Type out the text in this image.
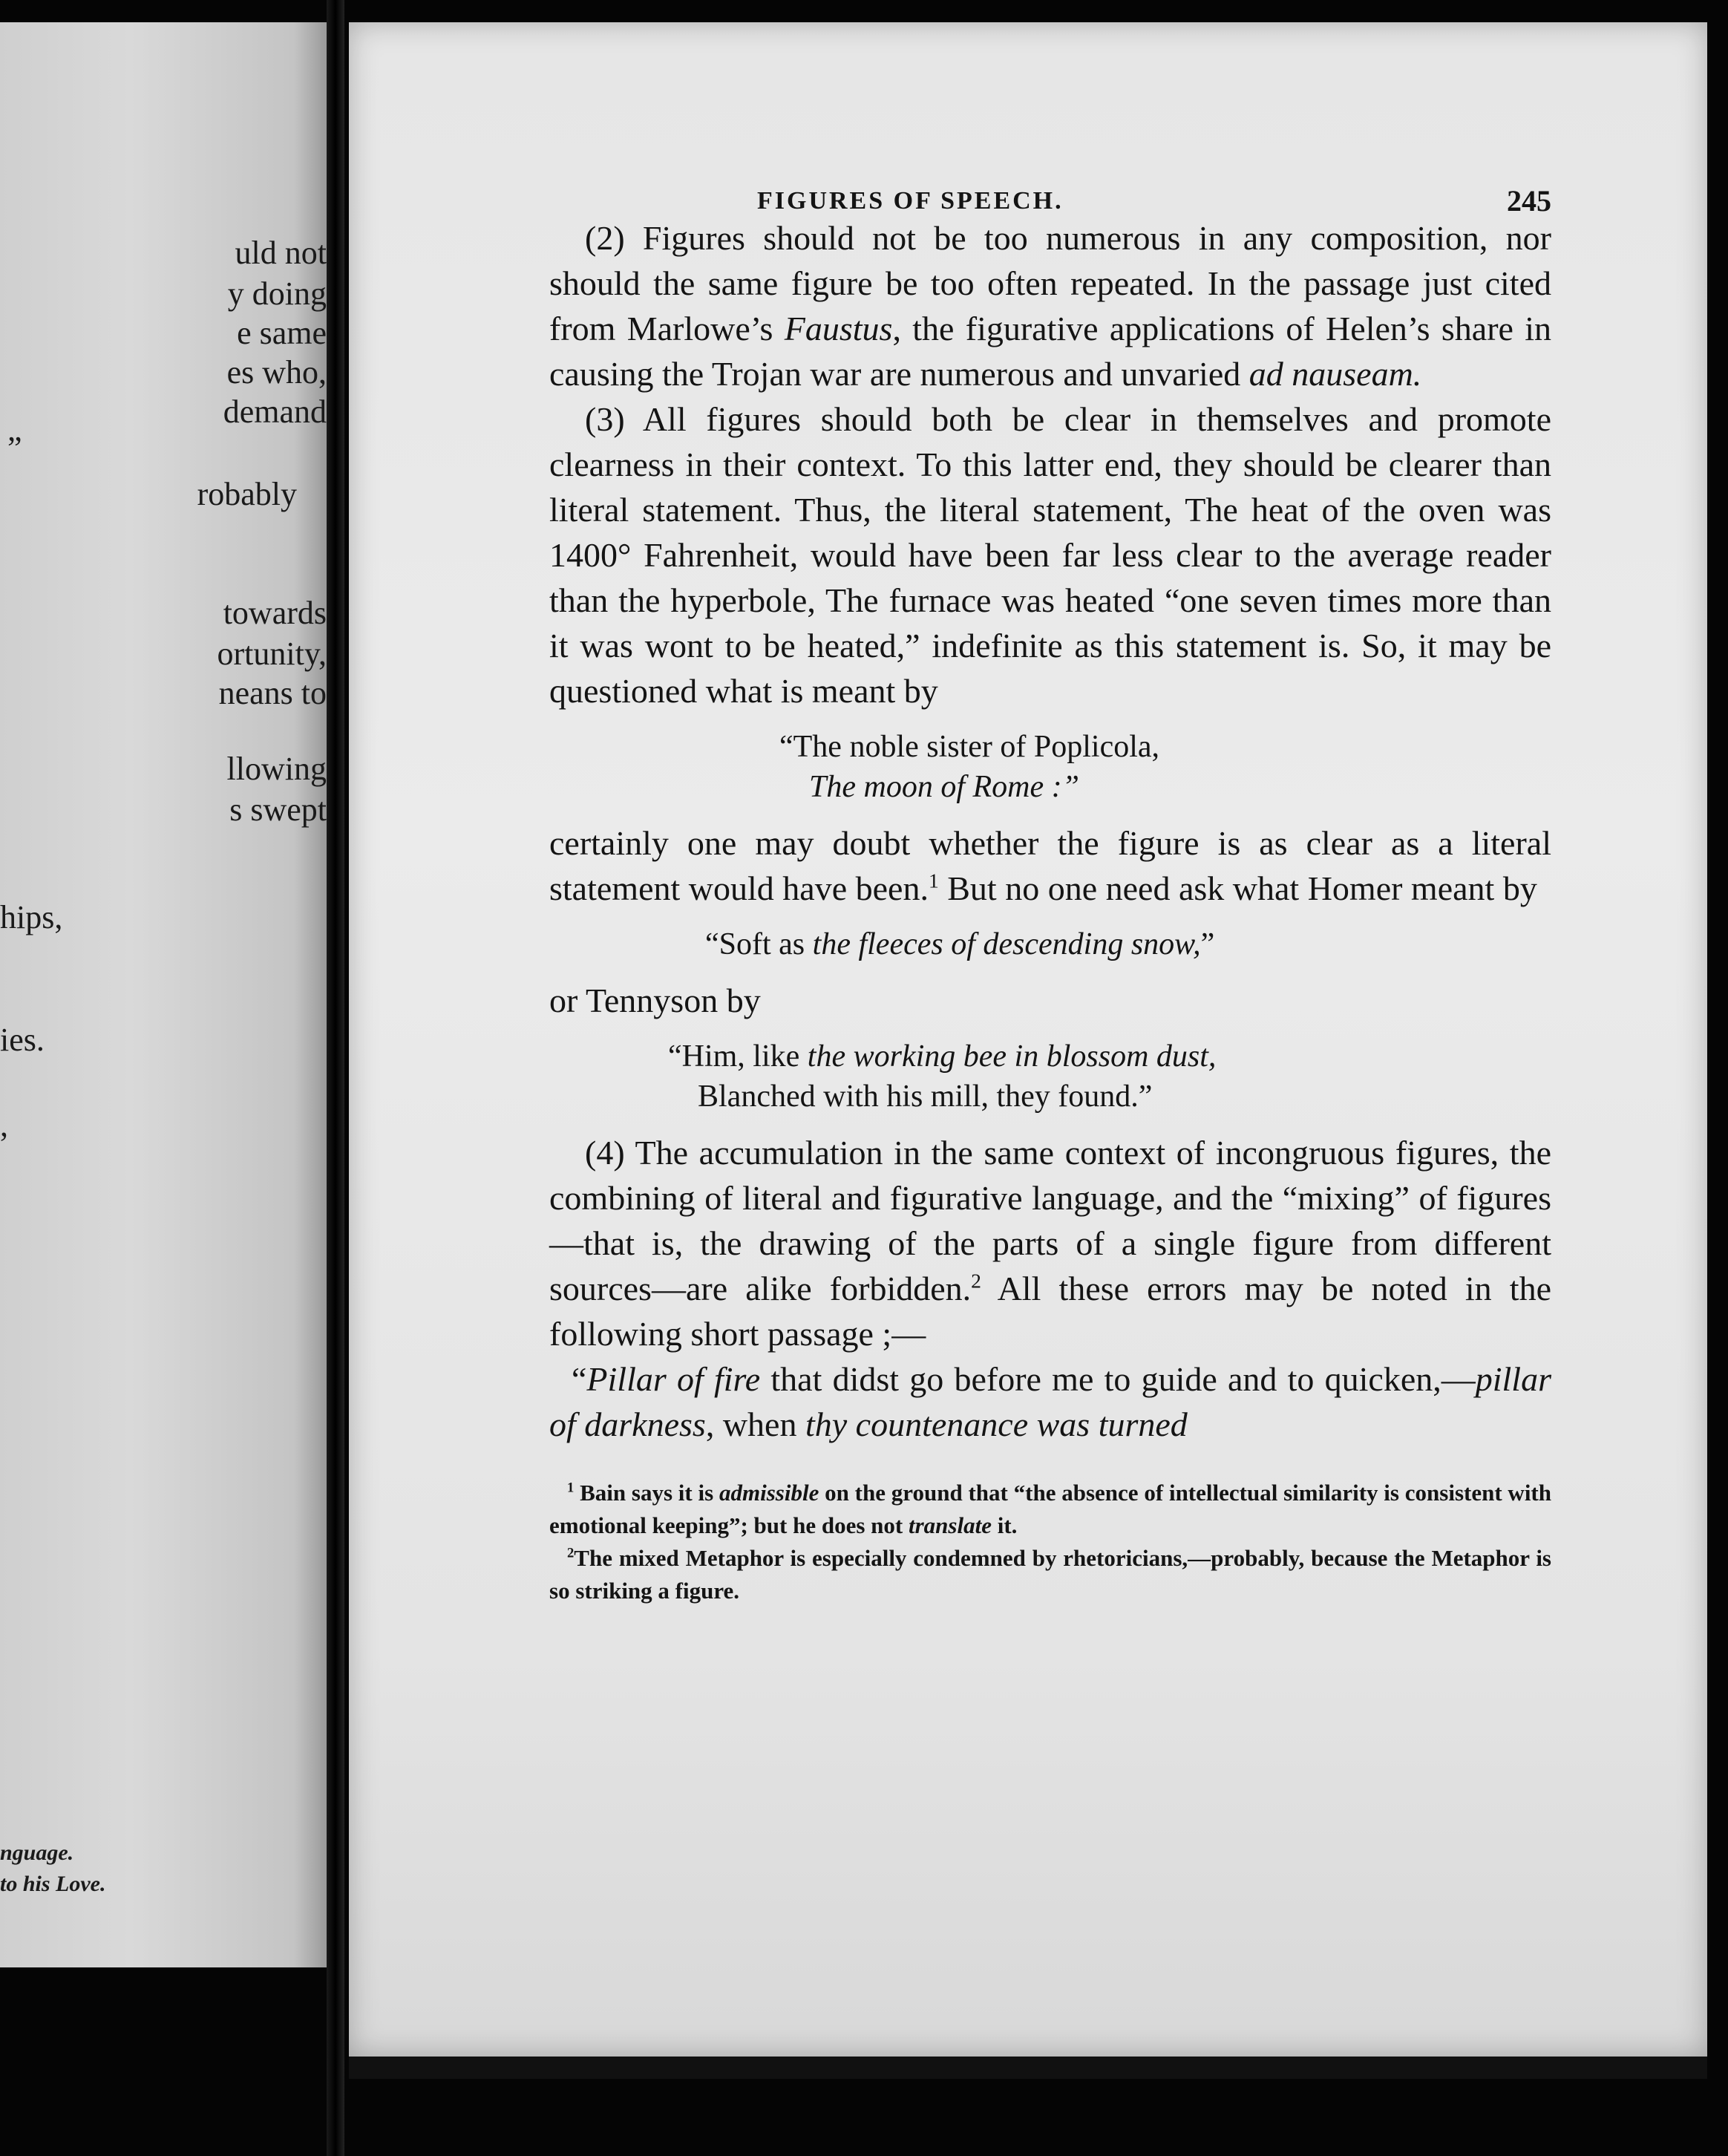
uld not
y doing
e same
es who,
demand
”
robably
towards
ortunity,
neans to
llowing
s swept
hips,
ies.
,
nguage.
to his Love.
FIGURES OF SPEECH.	245

(2) Figures should not be too numerous in any composition, nor should the same figure be too often repeated. In the passage just cited from Marlowe’s Faustus, the figurative applications of Helen’s share in causing the Trojan war are numerous and unvaried ad nauseam.

(3) All figures should both be clear in themselves and promote clearness in their context. To this latter end, they should be clearer than literal statement. Thus, the literal statement, The heat of the oven was 1400° Fahrenheit, would have been far less clear to the average reader than the hyperbole, The furnace was heated “one seven times more than it was wont to be heated,” indefinite as this statement is. So, it may be questioned what is meant by

“The noble sister of Poplicola,
The moon of Rome :”

certainly one may doubt whether the figure is as clear as a literal statement would have been.$^1$ But no one need ask what Homer meant by

“Soft as the fleeces of descending snow,”

or Tennyson by

“Him, like the working bee in blossom dust,
Blanched with his mill, they found.”

(4) The accumulation in the same context of incongruous figures, the combining of literal and figurative language, and the “mixing” of figures—that is, the drawing of the parts of a single figure from different sources—are alike forbidden.$^2$ All these errors may be noted in the following short passage ;—

“Pillar of fire that didst go before me to guide and to quicken,—pillar of darkness, when thy countenance was turned

$^1$ Bain says it is admissible on the ground that “the absence of intellectual similarity is consistent with emotional keeping”; but he does not translate it.

$^2$The mixed Metaphor is especially condemned by rhetoricians,—probably, because the Metaphor is so striking a figure.
